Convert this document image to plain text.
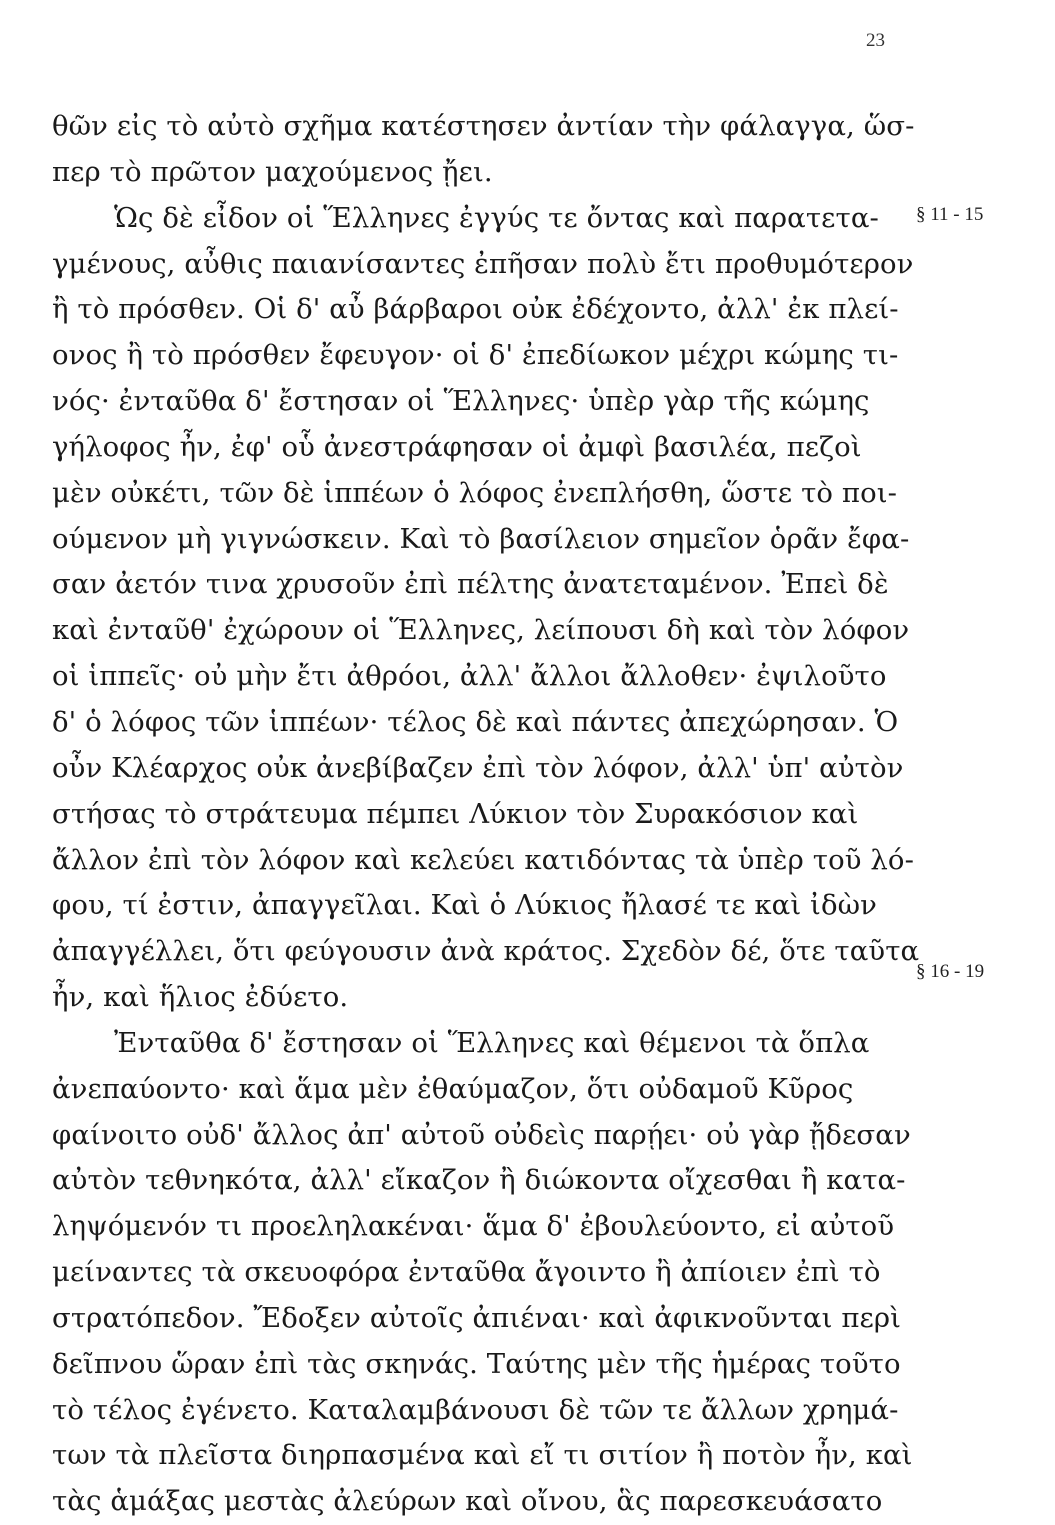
23
θῶν εἰς τὸ αὐτὸ σχῆμα κατέστησεν ἀντίαν τὴν φάλαγγα, ὥσ-
περ τὸ πρῶτον μαχούμενος ᾔει.
Ὡς δὲ εἶδον οἱ Ἕλληνες ἐγγύς τε ὄντας καὶ παρατετα-
γμένους, αὖθις παιανίσαντες ἐπῆσαν πολὺ ἔτι προθυμότερον
ἢ τὸ πρόσθεν. Οἱ δ' αὖ βάρβαροι οὐκ ἐδέχοντο, ἀλλ' ἐκ πλεί-
ονος ἢ τὸ πρόσθεν ἔφευγον· οἱ δ' ἐπεδίωκον μέχρι κώμης τι-
νός· ἐνταῦθα δ' ἔστησαν οἱ Ἕλληνες· ὑπὲρ γὰρ τῆς κώμης
γήλοφος ἦν, ἐφ' οὗ ἀνεστράφησαν οἱ ἀμφὶ βασιλέα, πεζοὶ
μὲν οὐκέτι, τῶν δὲ ἱππέων ὁ λόφος ἐνεπλήσθη, ὥστε τὸ ποι-
ούμενον μὴ γιγνώσκειν. Καὶ τὸ βασίλειον σημεῖον ὁρᾶν ἔφα-
σαν ἀετόν τινα χρυσοῦν ἐπὶ πέλτης ἀνατεταμένον. Ἐπεὶ δὲ
καὶ ἐνταῦθ' ἐχώρουν οἱ Ἕλληνες, λείπουσι δὴ καὶ τὸν λόφον
οἱ ἱππεῖς· οὐ μὴν ἔτι ἀθρόοι, ἀλλ' ἄλλοι ἄλλοθεν· ἐψιλοῦτο
δ' ὁ λόφος τῶν ἱππέων· τέλος δὲ καὶ πάντες ἀπεχώρησαν. Ὁ
οὖν Κλέαρχος οὐκ ἀνεβίβαζεν ἐπὶ τὸν λόφον, ἀλλ' ὑπ' αὐτὸν
στήσας τὸ στράτευμα πέμπει Λύκιον τὸν Συρακόσιον καὶ
ἄλλον ἐπὶ τὸν λόφον καὶ κελεύει κατιδόντας τὰ ὑπὲρ τοῦ λό-
φου, τί ἐστιν, ἀπαγγεῖλαι. Καὶ ὁ Λύκιος ἤλασέ τε καὶ ἰδὼν
ἀπαγγέλλει, ὅτι φεύγουσιν ἀνὰ κράτος. Σχεδὸν δέ, ὅτε ταῦτα
ἦν, καὶ ἥλιος ἐδύετο.
Ἐνταῦθα δ' ἔστησαν οἱ Ἕλληνες καὶ θέμενοι τὰ ὅπλα
ἀνεπαύοντο· καὶ ἅμα μὲν ἐθαύμαζον, ὅτι οὐδαμοῦ Κῦρος
φαίνοιτο οὐδ' ἄλλος ἀπ' αὐτοῦ οὐδεὶς παρῄει· οὐ γὰρ ᾔδεσαν
αὐτὸν τεθνηκότα, ἀλλ' εἴκαζον ἢ διώκοντα οἴχεσθαι ἢ κατα-
ληψόμενόν τι προεληλακέναι· ἅμα δ' ἐβουλεύοντο, εἰ αὐτοῦ
μείναντες τὰ σκευοφόρα ἐνταῦθα ἄγοιντο ἢ ἀπίοιεν ἐπὶ τὸ
στρατόπεδον. Ἔδοξεν αὐτοῖς ἀπιέναι· καὶ ἀφικνοῦνται περὶ
δεῖπνου ὥραν ἐπὶ τὰς σκηνάς. Ταύτης μὲν τῆς ἡμέρας τοῦτο
τὸ τέλος ἐγένετο. Καταλαμβάνουσι δὲ τῶν τε ἄλλων χρημά-
των τὰ πλεῖστα διηρπασμένα καὶ εἴ τι σιτίον ἢ ποτὸν ἦν, καὶ
τὰς ἁμάξας μεστὰς ἀλεύρων καὶ οἴνου, ἃς παρεσκευάσατο
§ 11 - 15
§ 16 - 19
